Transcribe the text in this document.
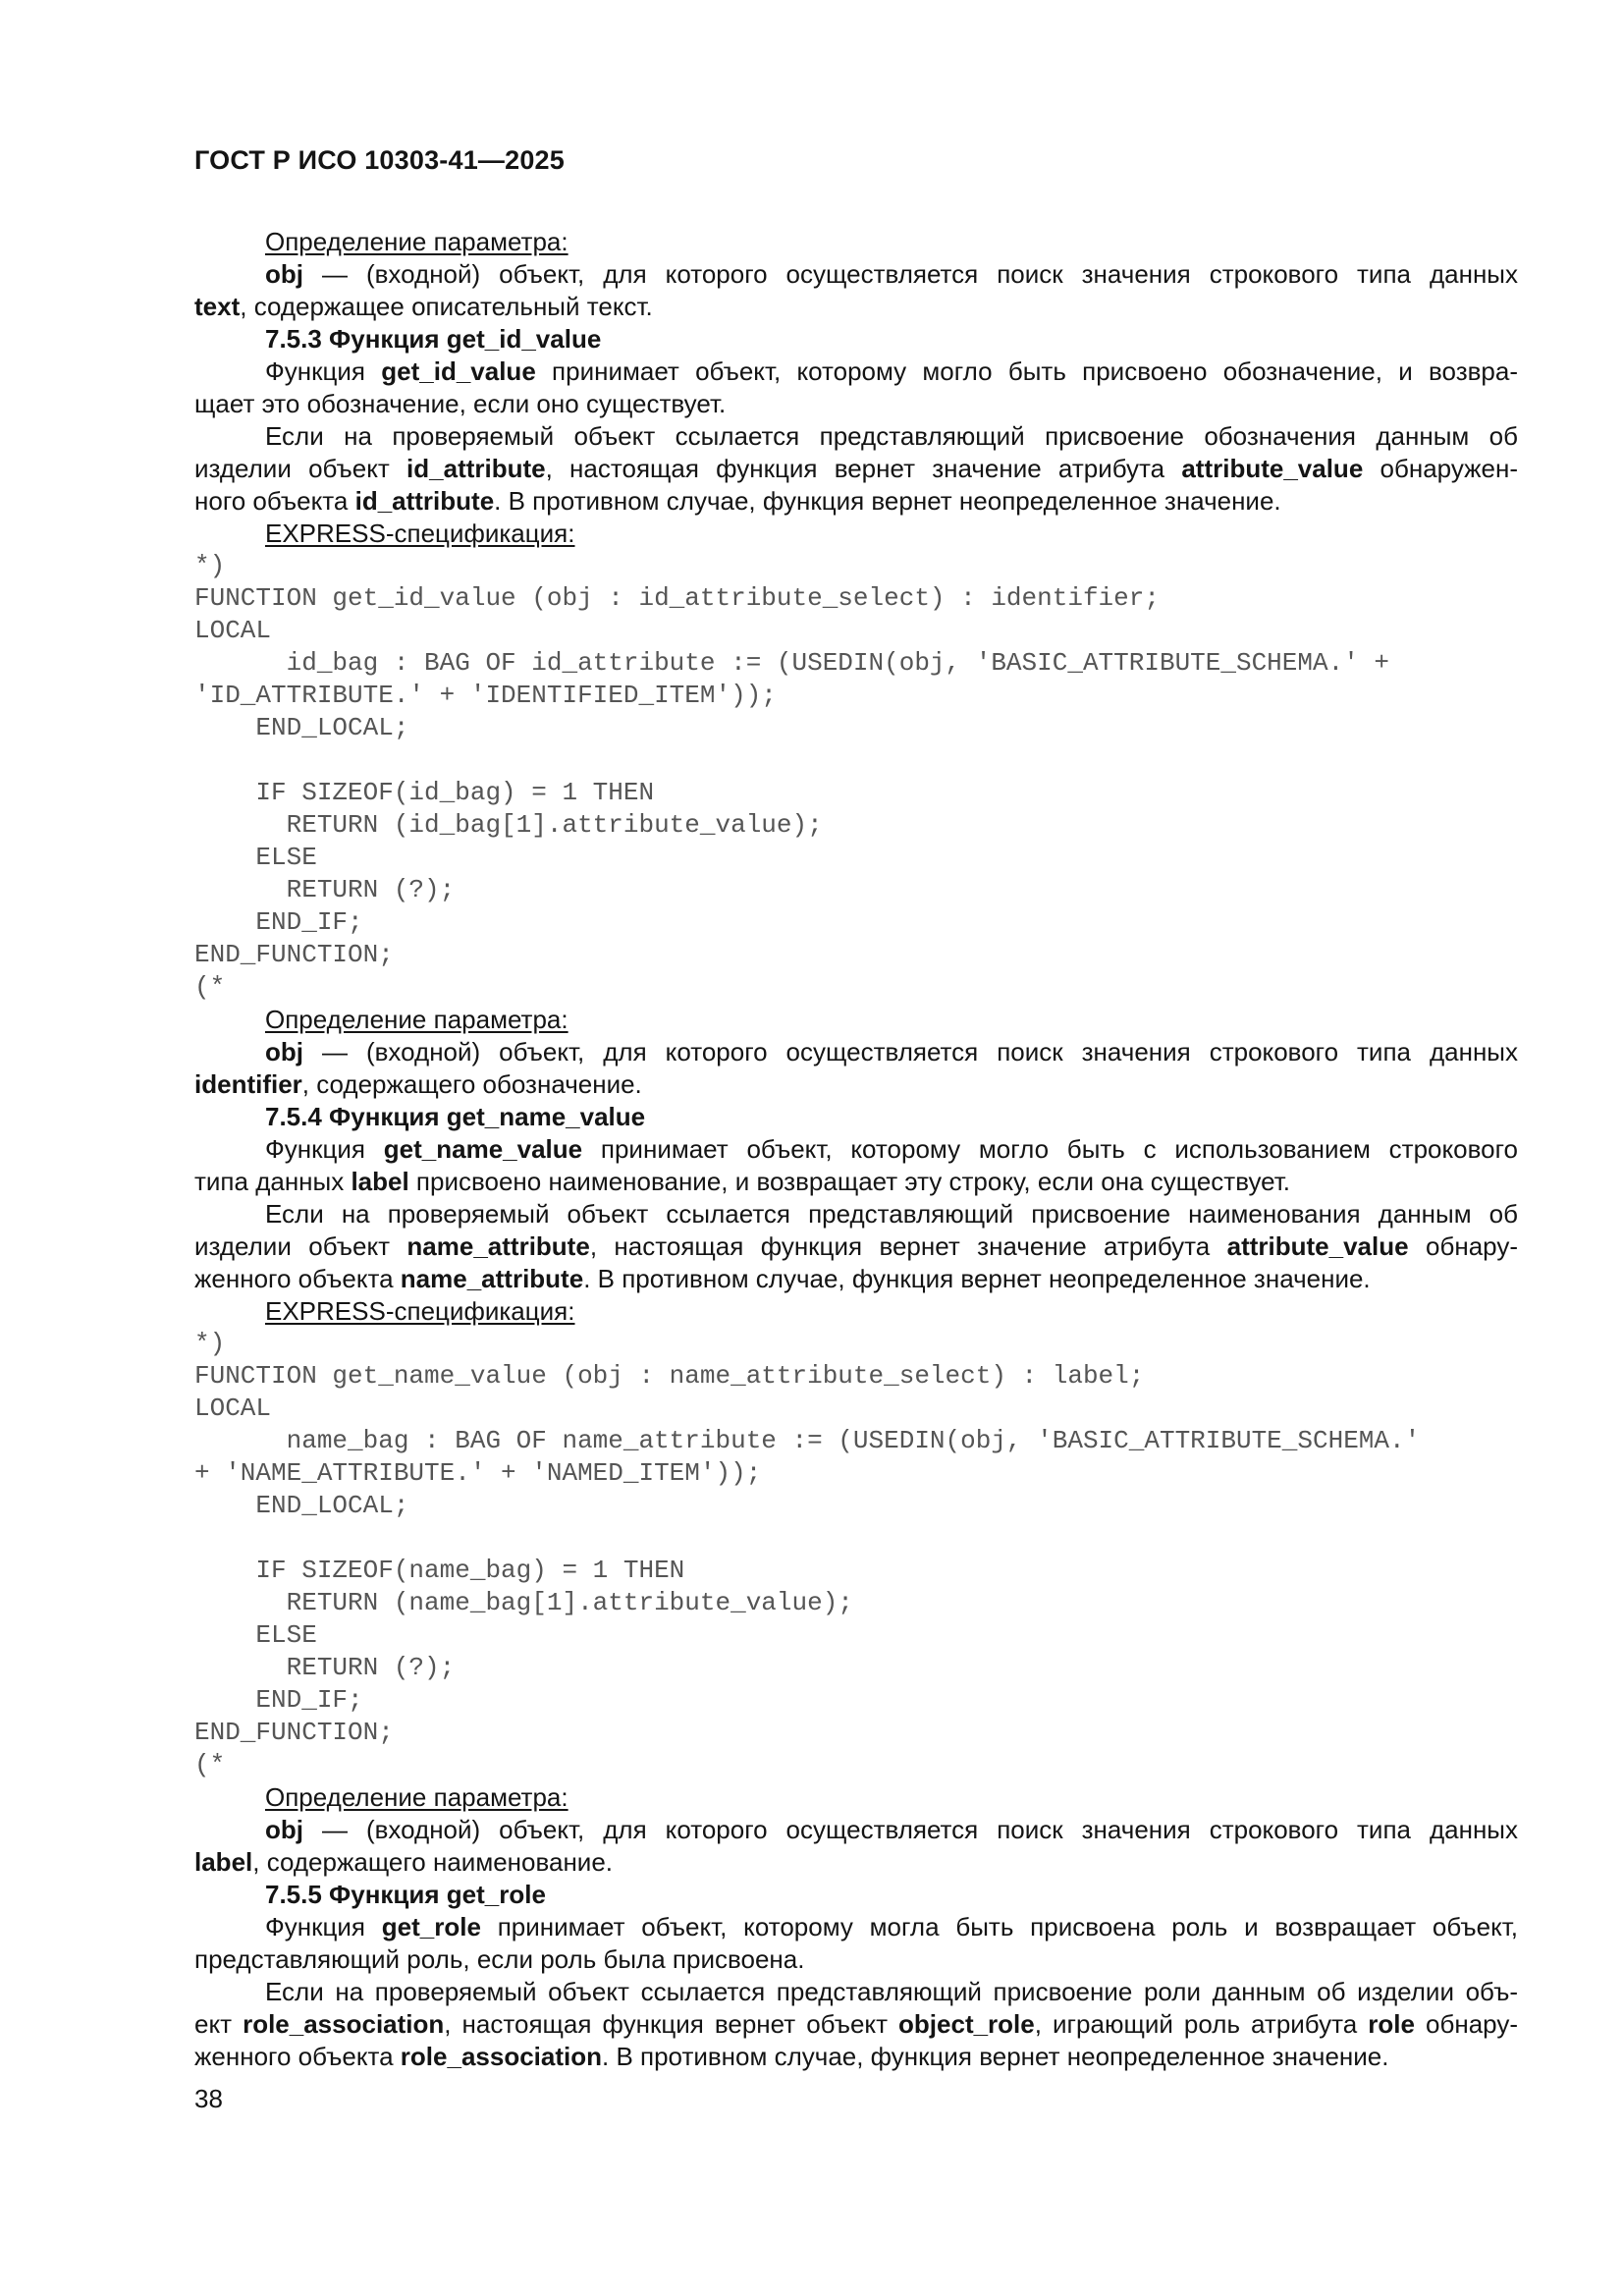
ГОСТ Р ИСО 10303-41—2025
Определение параметра:
obj — (входной) объект, для которого осуществляется поиск значения строкового типа данных
text, содержащее описательный текст.
7.5.3 Функция get_id_value
Функция get_id_value принимает объект, которому могло быть присвоено обозначение, и возвра-
щает это обозначение, если оно существует.
Если на проверяемый объект ссылается представляющий присвоение обозначения данным об
изделии объект id_attribute, настоящая функция вернет значение атрибута attribute_value обнаружен-
ного объекта id_attribute. В противном случае, функция вернет неопределенное значение.
EXPRESS-спецификация:
*)
FUNCTION get_id_value (obj : id_attribute_select) : identifier;
LOCAL
id_bag : BAG OF id_attribute := (USEDIN(obj, 'BASIC_ATTRIBUTE_SCHEMA.' +
'ID_ATTRIBUTE.' + 'IDENTIFIED_ITEM'));
END_LOCAL;
IF SIZEOF(id_bag) = 1 THEN
RETURN (id_bag[1].attribute_value);
ELSE
RETURN (?);
END_IF;
END_FUNCTION;
(*
Определение параметра:
obj — (входной) объект, для которого осуществляется поиск значения строкового типа данных
identifier, содержащего обозначение.
7.5.4 Функция get_name_value
Функция get_name_value принимает объект, которому могло быть с использованием строкового
типа данных label присвоено наименование, и возвращает эту строку, если она существует.
Если на проверяемый объект ссылается представляющий присвоение наименования данным об
изделии объект name_attribute, настоящая функция вернет значение атрибута attribute_value обнару-
женного объекта name_attribute. В противном случае, функция вернет неопределенное значение.
EXPRESS-спецификация:
*)
FUNCTION get_name_value (obj : name_attribute_select) : label;
LOCAL
name_bag : BAG OF name_attribute := (USEDIN(obj, 'BASIC_ATTRIBUTE_SCHEMA.'
+ 'NAME_ATTRIBUTE.' + 'NAMED_ITEM'));
END_LOCAL;
IF SIZEOF(name_bag) = 1 THEN
RETURN (name_bag[1].attribute_value);
ELSE
RETURN (?);
END_IF;
END_FUNCTION;
(*
Определение параметра:
obj — (входной) объект, для которого осуществляется поиск значения строкового типа данных
label, содержащего наименование.
7.5.5 Функция get_role
Функция get_role принимает объект, которому могла быть присвоена роль и возвращает объект,
представляющий роль, если роль была присвоена.
Если на проверяемый объект ссылается представляющий присвоение роли данным об изделии объ-
ект role_association, настоящая функция вернет объект object_role, играющий роль атрибута role обнару-
женного объекта role_association. В противном случае, функция вернет неопределенное значение.
38
